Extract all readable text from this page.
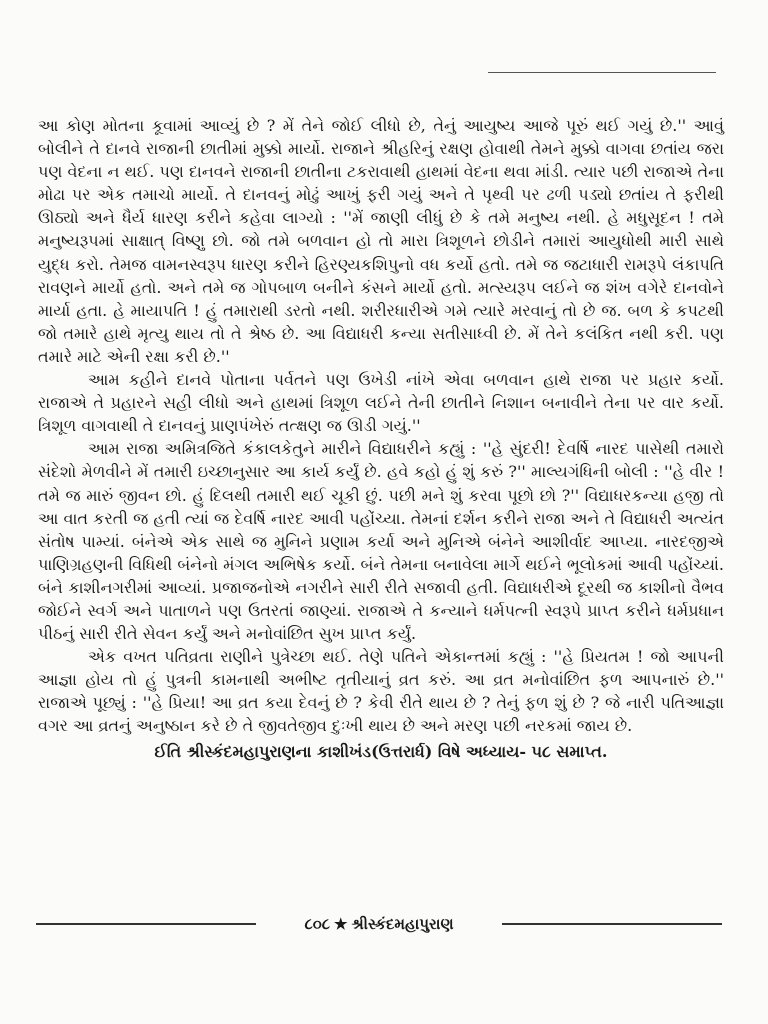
આ કોણ મોતના કૂવામાં આવ્યું છે ? મેં તેને જોઈ લીધો છે, તેનું આયુષ્ય આજે પૂરું થઈ ગયું છે.'' આવું બોલીને તે દાનવે રાજાની છાતીમાં મુક્કો માર્યો. રાજાને શ્રીહરિનું રક્ષણ હોવાથી તેમને મુક્કો વાગવા છતાંય જરા પણ વેદના ન થઈ. પણ દાનવને રાજાની છાતીના ટકરાવાથી હાથમાં વેદના થવા માંડી. ત્યાર પછી રાજાએ તેના મોઢા પર એક તમાચો માર્યો. તે દાનવનું મોઢું આખું ફરી ગયું અને તે પૃથ્વી પર ઢળી પડ્યો છતાંય તે ફરીથી ઊઠ્યો અને ધૈર્ય ધારણ કરીને કહેવા લાગ્યો : ''મેં જાણી લીધું છે કે તમે મનુષ્ય નથી. હે મધુસૂદન ! તમે મનુષ્યરૂપમાં સાક્ષાત્ વિષ્ણુ છો. જો તમે બળવાન હો તો મારા ત્રિશૂળને છોડીને તમારાં આયુધોથી મારી સાથે યુદ્ધ કરો. તેમજ વામનસ્વરૂપ ધારણ કરીને હિરણ્યકશિપુનો વધ કર્યો હતો. તમે જ જટાધારી રામરૂપે લંકાપતિ રાવણને માર્યો હતો. અને તમે જ ગોપબાળ બનીને કંસને માર્યો હતો. મત્સ્યરૂપ લઈને જ શંખ વગેરે દાનવોને માર્યા હતા. હે માયાપતિ ! હું તમારાથી ડરતો નથી. શરીરધારીએ ગમે ત્યારે મરવાનું તો છે જ. બળ કે કપટથી જો તમારે હાથે મૃત્યુ થાય તો તે શ્રેષ્ઠ છે. આ વિદ્યાધરી કન્યા સતીસાધ્વી છે. મેં તેને કલંકિત નથી કરી. પણ તમારે માટે એની રક્ષા કરી છે.''

આમ કહીને દાનવે પોતાના પર્વતને પણ ઉખેડી નાંખે એવા બળવાન હાથે રાજા પર પ્રહાર કર્યો. રાજાએ તે પ્રહારને સહી લીધો અને હાથમાં ત્રિશૂળ લઈને તેની છાતીને નિશાન બનાવીને તેના પર વાર કર્યો. ત્રિશૂળ વાગવાથી તે દાનવનું પ્રાણપંખેરું તત્ક્ષણ જ ઊડી ગયું.''

આમ રાજા અમિત્રજિતે કંકાલકેતુને મારીને વિદ્યાધરીને કહ્યું : ''હે સુંદરી! દેવર્ષિ નારદ પાસેથી તમારો સંદેશો મેળવીને મેં તમારી ઇચ્છાનુસાર આ કાર્ય કર્યું છે. હવે કહો હું શું કરું ?'' માલ્યગંધિની બોલી : ''હે વીર ! તમે જ મારું જીવન છો. હું દિલથી તમારી થઈ ચૂકી છું. પછી મને શું કરવા પૂછો છો ?'' વિદ્યાધરકન્યા હજી તો આ વાત કરતી જ હતી ત્યાં જ દેવર્ષિ નારદ આવી પહોંચ્યા. તેમનાં દર્શન કરીને રાજા અને તે વિદ્યાધરી અત્યંત સંતોષ પામ્યાં. બંનેએ એક સાથે જ મુનિને પ્રણામ કર્યા અને મુનિએ બંનેને આશીર્વાદ આપ્યા. નારદજીએ પાણિગ્રહણની વિધિથી બંનેનો મંગલ અભિષેક કર્યો. બંને તેમના બનાવેલા માર્ગે થઈને ભૂલોકમાં આવી પહોંચ્યાં. બંને કાશીનગરીમાં આવ્યાં. પ્રજાજનોએ નગરીને સારી રીતે સજાવી હતી. વિદ્યાધરીએ દૂરથી જ કાશીનો વૈભવ જોઈને સ્વર્ગ અને પાતાળને પણ ઉતરતાં જાણ્યાં. રાજાએ તે કન્યાને ધર્મપત્ની સ્વરૂપે પ્રાપ્ત કરીને ધર્મપ્રધાન પીઠનું સારી રીતે સેવન કર્યું અને મનોવાંછિત સુખ પ્રાપ્ત કર્યું.

એક વખત પતિવ્રતા રાણીને પુત્રેચ્છા થઈ. તેણે પતિને એકાન્તમાં કહ્યું : ''હે પ્રિયતમ ! જો આપની આજ્ઞા હોય તો હું પુત્રની કામનાથી અભીષ્ટ તૃતીયાનું વ્રત કરું. આ વ્રત મનોવાંછિત ફળ આપનારું છે.'' રાજાએ પૂછ્યું : ''હે પ્રિયા! આ વ્રત કયા દેવનું છે ? કેવી રીતે થાય છે ? તેનું ફળ શું છે ? જે નારી પતિઆજ્ઞા વગર આ વ્રતનું અનુષ્ઠાન કરે છે તે જીવતેજીવ દુઃખી થાય છે અને મરણ પછી નરકમાં જાય છે.

ઈતિ શ્રીસ્કંદમહાપુરાણના કાશીખંડ(ઉત્તરાર્ધ) વિષે અધ્યાય- ૫૮ સમાપ્ત.
૮૦૮ ★ શ્રીસ્કંદમહાપુરાણ
